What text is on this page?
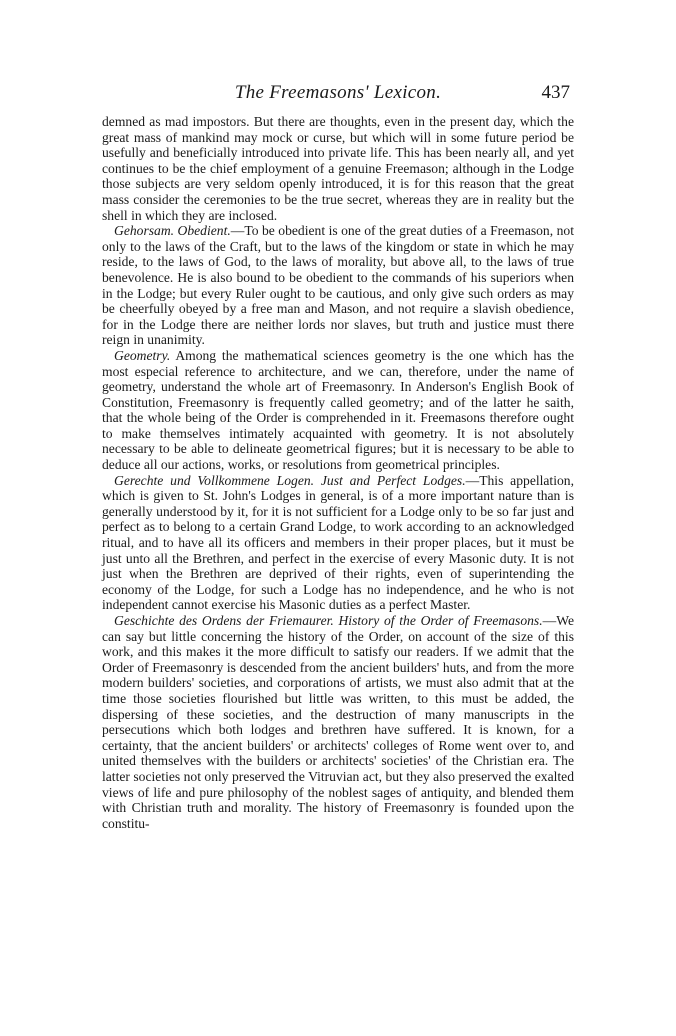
The Freemasons' Lexicon.	437

demned as mad impostors. But there are thoughts, even in the present day, which the great mass of mankind may mock or curse, but which will in some future period be usefully and beneficially introduced into private life. This has been nearly all, and yet continues to be the chief employment of a genuine Freemason; although in the Lodge those subjects are very seldom openly introduced, it is for this reason that the great mass consider the ceremonies to be the true secret, whereas they are in reality but the shell in which they are inclosed.

Gehorsam. Obedient.—To be obedient is one of the great duties of a Freemason, not only to the laws of the Craft, but to the laws of the kingdom or state in which he may reside, to the laws of God, to the laws of morality, but above all, to the laws of true benevolence. He is also bound to be obedient to the commands of his superiors when in the Lodge; but every Ruler ought to be cautious, and only give such orders as may be cheerfully obeyed by a free man and Mason, and not require a slavish obedience, for in the Lodge there are neither lords nor slaves, but truth and justice must there reign in unanimity.

Geometry. Among the mathematical sciences geometry is the one which has the most especial reference to architecture, and we can, therefore, under the name of geometry, understand the whole art of Freemasonry. In Anderson's English Book of Constitution, Freemasonry is frequently called geometry; and of the latter he saith, that the whole being of the Order is comprehended in it. Freemasons therefore ought to make themselves intimately acquainted with geometry. It is not absolutely necessary to be able to delineate geometrical figures; but it is necessary to be able to deduce all our actions, works, or resolutions from geometrical principles.

Gerechte und Vollkommene Logen. Just and Perfect Lodges.—This appellation, which is given to St. John's Lodges in general, is of a more important nature than is generally understood by it, for it is not sufficient for a Lodge only to be so far just and perfect as to belong to a certain Grand Lodge, to work according to an acknowledged ritual, and to have all its officers and members in their proper places, but it must be just unto all the Brethren, and perfect in the exercise of every Masonic duty. It is not just when the Brethren are deprived of their rights, even of superintending the economy of the Lodge, for such a Lodge has no independence, and he who is not independent cannot exercise his Masonic duties as a perfect Master.

Geschichte des Ordens der Friemaurer. History of the Order of Freemasons.—We can say but little concerning the history of the Order, on account of the size of this work, and this makes it the more difficult to satisfy our readers. If we admit that the Order of Freemasonry is descended from the ancient builders' huts, and from the more modern builders' societies, and corporations of artists, we must also admit that at the time those societies flourished but little was written, to this must be added, the dispersing of these societies, and the destruction of many manuscripts in the persecutions which both lodges and brethren have suffered. It is known, for a certainty, that the ancient builders' or architects' colleges of Rome went over to, and united themselves with the builders or architects' societies' of the Christian era. The latter societies not only preserved the Vitruvian act, but they also preserved the exalted views of life and pure philosophy of the noblest sages of antiquity, and blended them with Christian truth and morality. The history of Freemasonry is founded upon the constitu-
